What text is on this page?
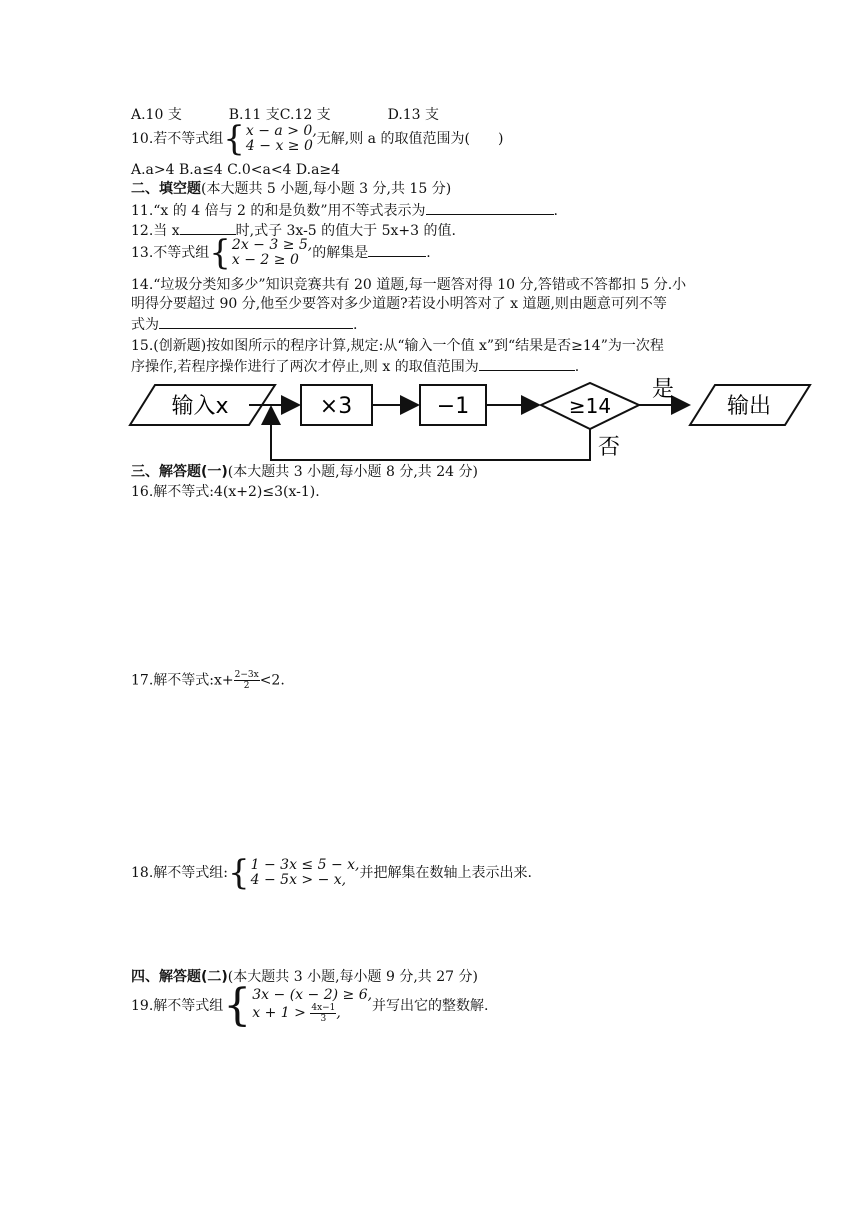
A.10 支	B.11 支C.12 支	D.13 支
10.若不等式组 { x − a > 0,
4 − x ≥ 0 无解,则 a 的取值范围为(　　)
A.a>4 B.a≤4 C.0<a<4 D.a≥4
二、填空题(本大题共 5 小题,每小题 3 分,共 15 分)
11.“x 的 4 倍与 2 的和是负数”用不等式表示为	.
12.当 x	时,式子 3x-5 的值大于 5x+3 的值.
13.不等式组 { 2x − 3 ≥ 5,
x − 2 ≥ 0 的解集是	.
14.“垃圾分类知多少”知识竞赛共有 20 道题,每一题答对得 10 分,答错或不答都扣 5 分.小
明得分要超过 90 分,他至少要答对多少道题?若设小明答对了 x 道题,则由题意可列不等
式为	.
15.(创新题)按如图所示的程序计算,规定:从“输入一个值 x”到“结果是否≥14”为一次程
序操作,若程序操作进行了两次才停止,则 x 的取值范围为	.
输入x	×3	−1	≥14
是
输出
否
三、解答题(一)(本大题共 3 小题,每小题 8 分,共 24 分)
16.解不等式:4(x+2)≤3(x-1).
17.解不等式:x+ $\frac{2-3x}{2} <2$.
18.解不等式组: { 1 − 3x ≤ 5 − x,
4 − 5x > − x, 并把解集在数轴上表示出来.
四、解答题(二)(本大题共 3 小题,每小题 9 分,共 27 分)
19.解不等式组 { 3x − (x − 2) ≥ 6,
x + 1 >
$\frac{4x-1}{3}$ , 并写出它的整数解.
